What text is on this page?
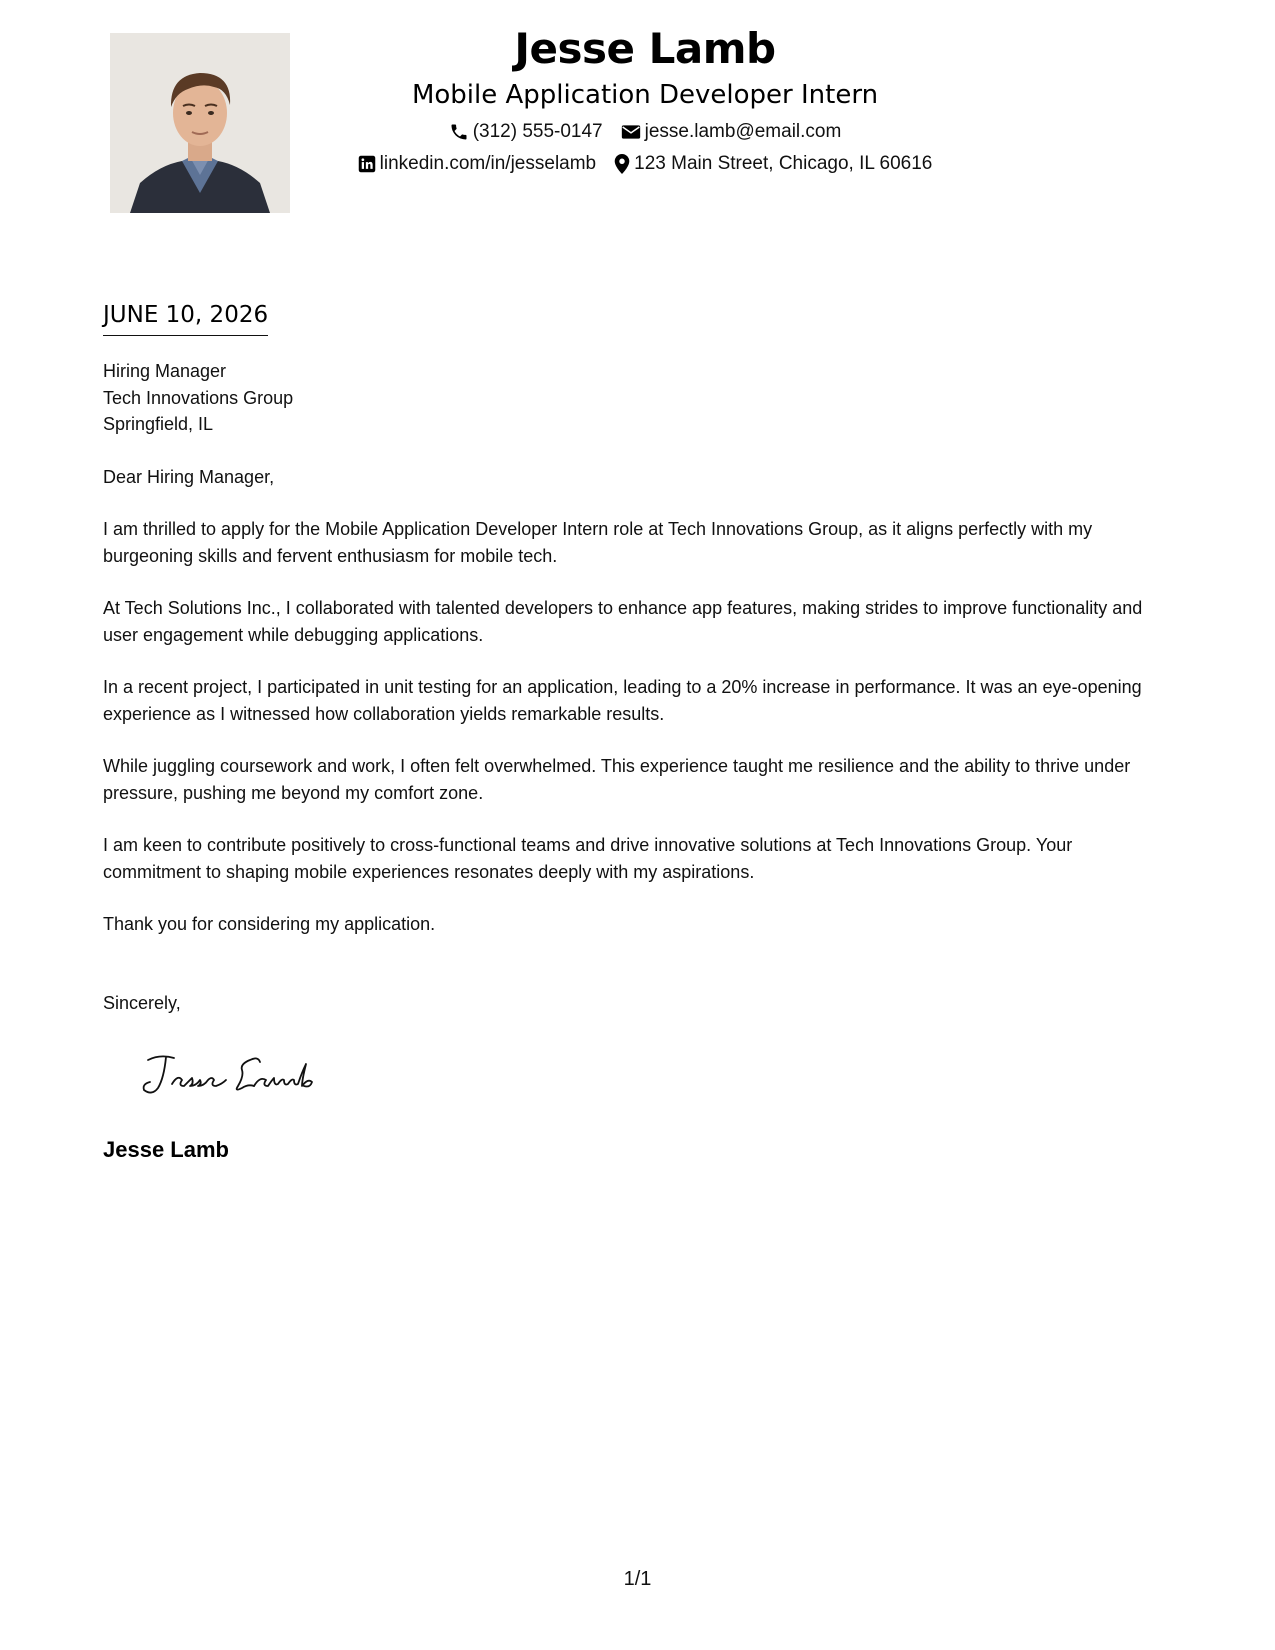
Jesse Lamb

Mobile Application Developer Intern

(312) 555-0147 jesse.lamb@email.com
linkedin.com/in/jesselamb 123 Main Street, Chicago, IL 60616
JUNE 10, 2026

Hiring Manager

Tech Innovations Group

Springfield, IL

Dear Hiring Manager,

I am thrilled to apply for the Mobile Application Developer Intern role at Tech Innovations Group, as it aligns perfectly with my burgeoning skills and fervent enthusiasm for mobile tech.

At Tech Solutions Inc., I collaborated with talented developers to enhance app features, making strides to improve functionality and user engagement while debugging applications.

In a recent project, I participated in unit testing for an application, leading to a 20% increase in performance. It was an eye-opening experience as I witnessed how collaboration yields remarkable results.

While juggling coursework and work, I often felt overwhelmed. This experience taught me resilience and the ability to thrive under pressure, pushing me beyond my comfort zone.

I am keen to contribute positively to cross-functional teams and drive innovative solutions at Tech Innovations Group. Your commitment to shaping mobile experiences resonates deeply with my aspirations.

Thank you for considering my application.

Sincerely,

Jesse Lamb

1/1
